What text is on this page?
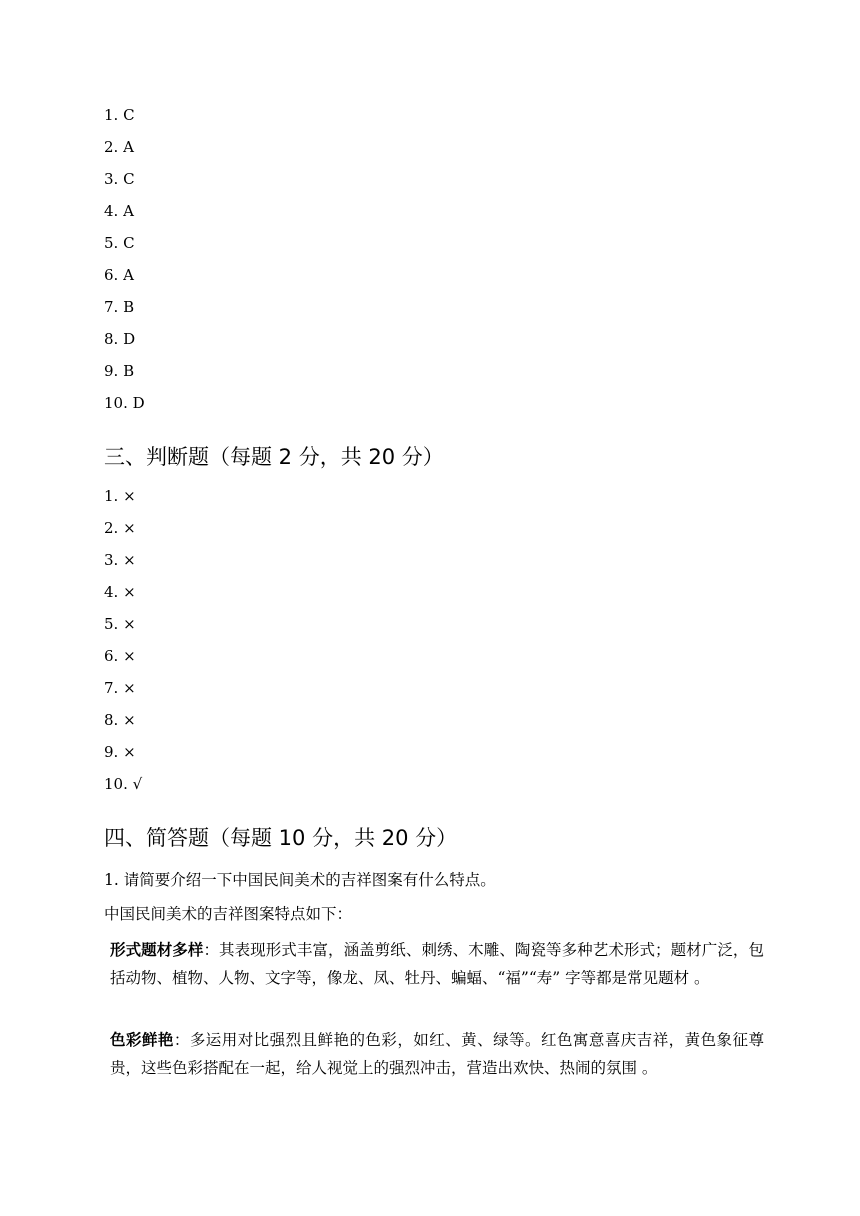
1. C
2. A
3. C
4. A
5. C
6. A
7. B
8. D
9. B
10. D
三、判断题（每题 2 分，共 20 分）
1. ×
2. ×
3. ×
4. ×
5. ×
6. ×
7. ×
8. ×
9. ×
10. √
四、简答题（每题 10 分，共 20 分）
1. 请简要介绍一下中国民间美术的吉祥图案有什么特点。
中国民间美术的吉祥图案特点如下：
形式题材多样：其表现形式丰富，涵盖剪纸、刺绣、木雕、陶瓷等多种艺术形式；题材广泛，包括动物、植物、人物、文字等，像龙、凤、牡丹、蝙蝠、“福”“寿” 字等都是常见题材 。
色彩鲜艳：多运用对比强烈且鲜艳的色彩，如红、黄、绿等。红色寓意喜庆吉祥，黄色象征尊贵，这些色彩搭配在一起，给人视觉上的强烈冲击，营造出欢快、热闹的氛围 。
